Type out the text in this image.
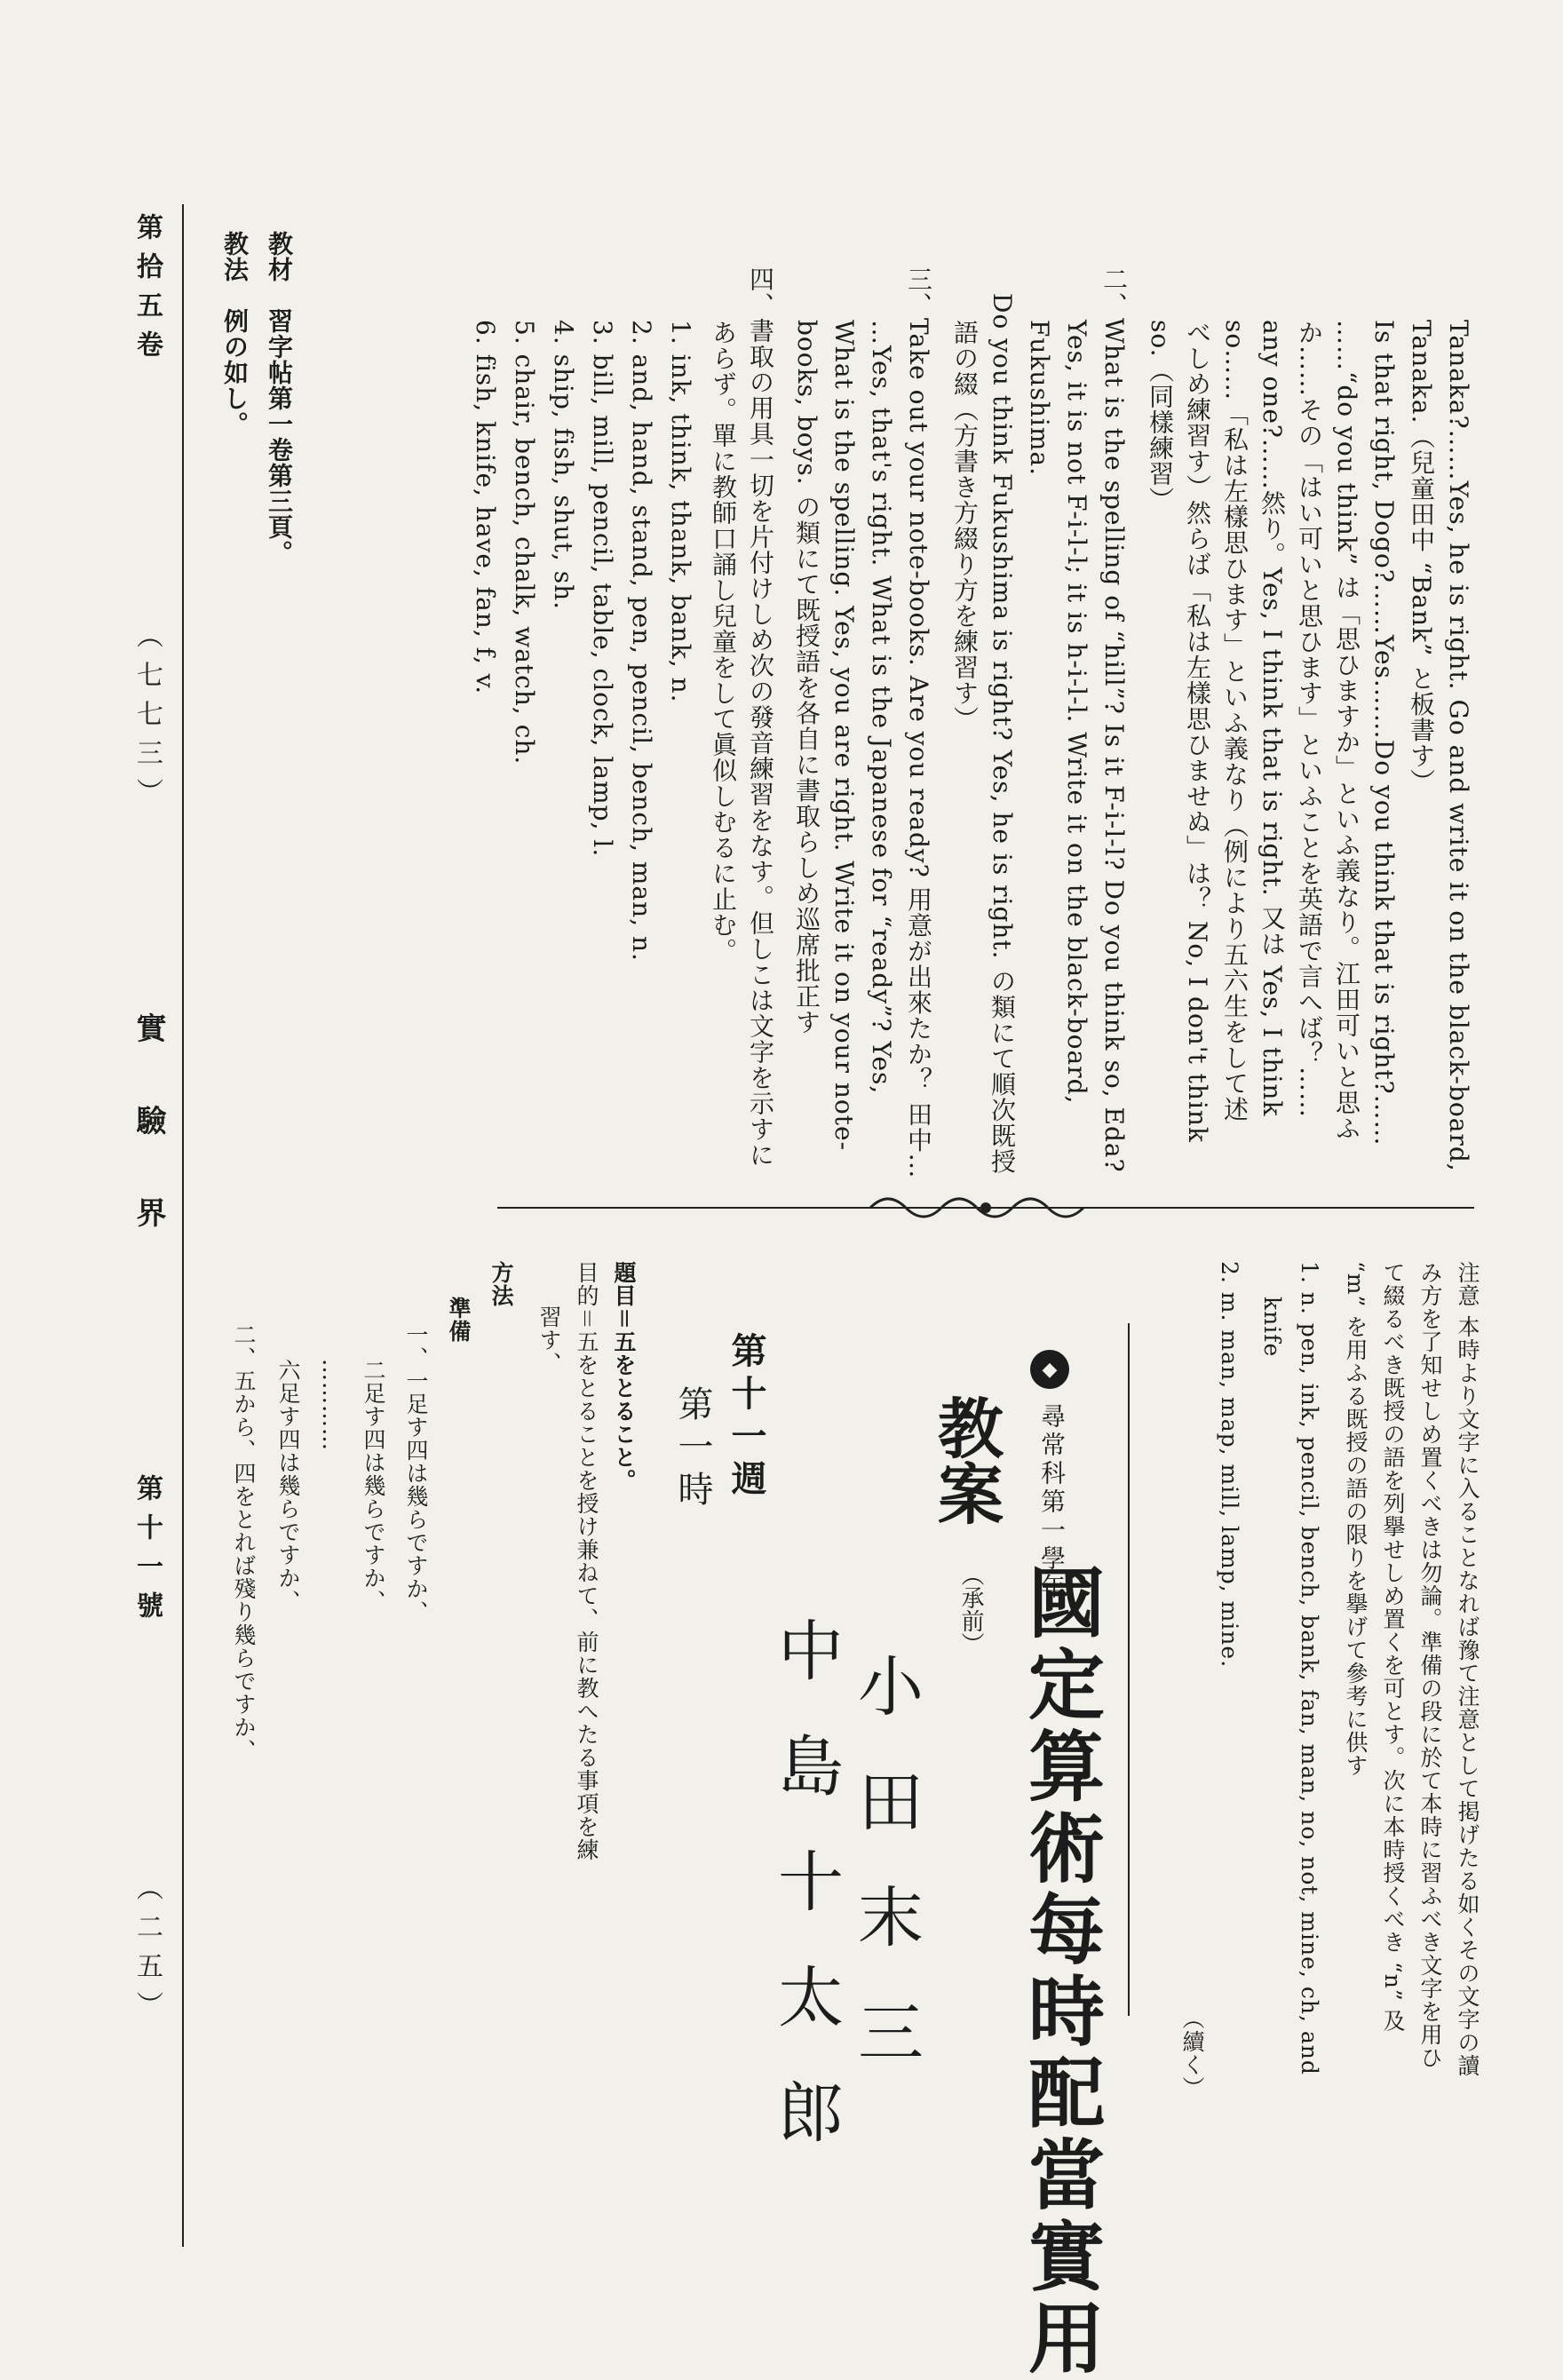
第拾五卷
（七七三）
實驗界
第十一號
（二五）
Tanaka?……Yes, he is right. Go and write it on the black-board,
Tanaka.（兒童田中 “Bank” と板書す）
Is that right, Dogo?……Yes.……Do you think that is right?……
……“do you think” は「思ひますか」といふ義なり。江田可いと思ふ
か……その「はい可いと思ひます」といふことを英語で言へば？……
any one?……然り。Yes, I think that is right. 又は Yes, I think
so……「私は左樣思ひます」といふ義なり（例により五六生をして述
べしめ練習す）然らば「私は左樣思ひませぬ」は？ No, I don't think
so.（同樣練習）
二、What is the spelling of “hill”? Is it F-i-l-l? Do you think so, Eda?
Yes, it is not F-i-l-l; it is h-i-l-l. Write it on the black-board,
Fukushima.
Do you think Fukushima is right? Yes, he is right. の類にて順次既授
語の綴（方書き方綴り方を練習す）
三、Take out your note-books. Are you ready? 用意が出來たか？ 田中…
…Yes, that's right. What is the Japanese for “ready”? Yes,
What is the spelling. Yes, you are right. Write it on your note-
books, boys. の類にて既授語を各自に書取らしめ巡席批正す
四、書取の用具一切を片付けしめ次の發音練習をなす。但しこは文字を示すに
あらず。單に教師口誦し兒童をして眞似しむるに止む。
1. ink, think, thank, bank, n.
2. and, hand, stand, pen, pencil, bench, man, n.
3. bill, mill, pencil, table, clock, lamp, l.
4. ship, fish, shut, sh.
5. chair, bench, chalk, watch, ch.
6. fish, knife, have, fan, f, v.
教材　習字帖第一卷第三頁。
教法　例の如し。
注意 本時より文字に入ることなれば豫て注意として掲げたる如くその文字の讀
み方を了知せしめ置くべきは勿論。準備の段に於て本時に習ふべき文字を用ひ
て綴るべき既授の語を列擧せしめ置くを可とす。次に本時授くべき “n” 及
“m” を用ふる既授の語の限りを擧げて參考に供す
1. n. pen, ink, pencil, bench, bank, fan, man, no, not, mine, ch, and
knife
2. m. man, map, mill, lamp, mine.
（續く）
◆
尋常科第一學年
國定算術每時配當實用
教案
（承前）
小田末三
中島十太郎
第十一週
第一時
題目＝五をとること。
目的＝五をとることを授け兼ねて、前に教へたる事項を練
習す、
方法
準備
一、一足す四は幾らですか、
二足す四は幾らですか、
…………
六足す四は幾らですか、
二、五から、四をとれば殘り幾らですか、
